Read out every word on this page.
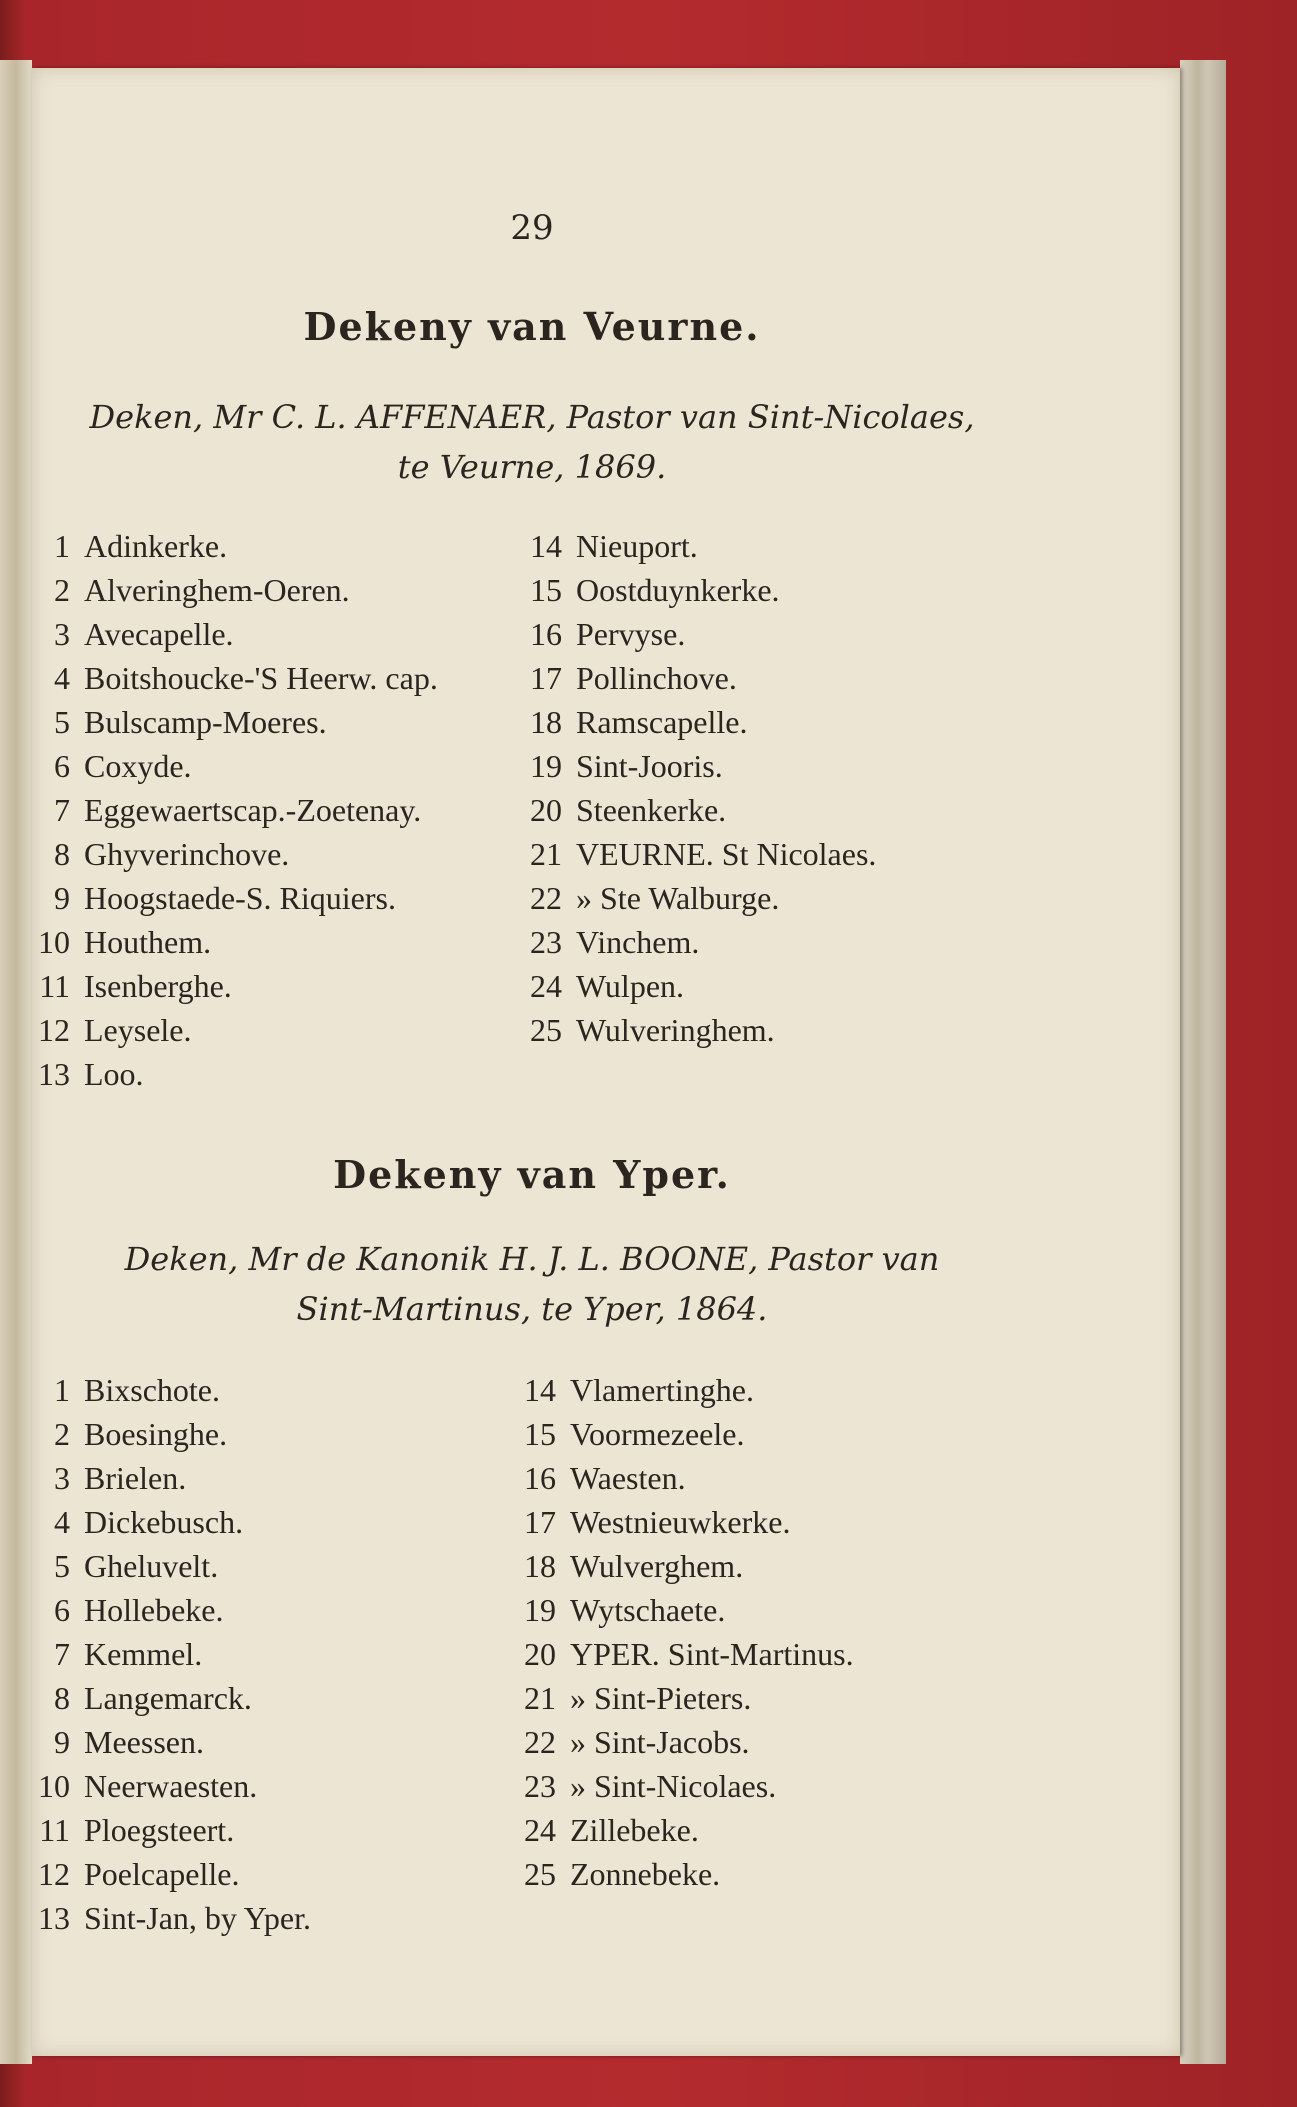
29
Dekeny van Veurne.
Deken, Mr C. L. AFFENAER, Pastor van Sint-Nicolaes,
te Veurne, 1869.
1 Adinkerke.
2 Alveringhem-Oeren.
3 Avecapelle.
4 Boitshoucke-'S Heerw. cap.
5 Bulscamp-Moeres.
6 Coxyde.
7 Eggewaertscap.-Zoetenay.
8 Ghyverinchove.
9 Hoogstaede-S. Riquiers.
10 Houthem.
11 Isenberghe.
12 Leysele.
13 Loo.
14 Nieuport.
15 Oostduynkerke.
16 Pervyse.
17 Pollinchove.
18 Ramscapelle.
19 Sint-Jooris.
20 Steenkerke.
21 VEURNE. St Nicolaes.
22 » Ste Walburge.
23 Vinchem.
24 Wulpen.
25 Wulveringhem.
Dekeny van Yper.
Deken, Mr de Kanonik H. J. L. BOONE, Pastor van
Sint-Martinus, te Yper, 1864.
1 Bixschote.
2 Boesinghe.
3 Brielen.
4 Dickebusch.
5 Gheluvelt.
6 Hollebeke.
7 Kemmel.
8 Langemarck.
9 Meessen.
10 Neerwaesten.
11 Ploegsteert.
12 Poelcapelle.
13 Sint-Jan, by Yper.
14 Vlamertinghe.
15 Voormezeele.
16 Waesten.
17 Westnieuwkerke.
18 Wulverghem.
19 Wytschaete.
20 YPER. Sint-Martinus.
21 » Sint-Pieters.
22 » Sint-Jacobs.
23 » Sint-Nicolaes.
24 Zillebeke.
25 Zonnebeke.
